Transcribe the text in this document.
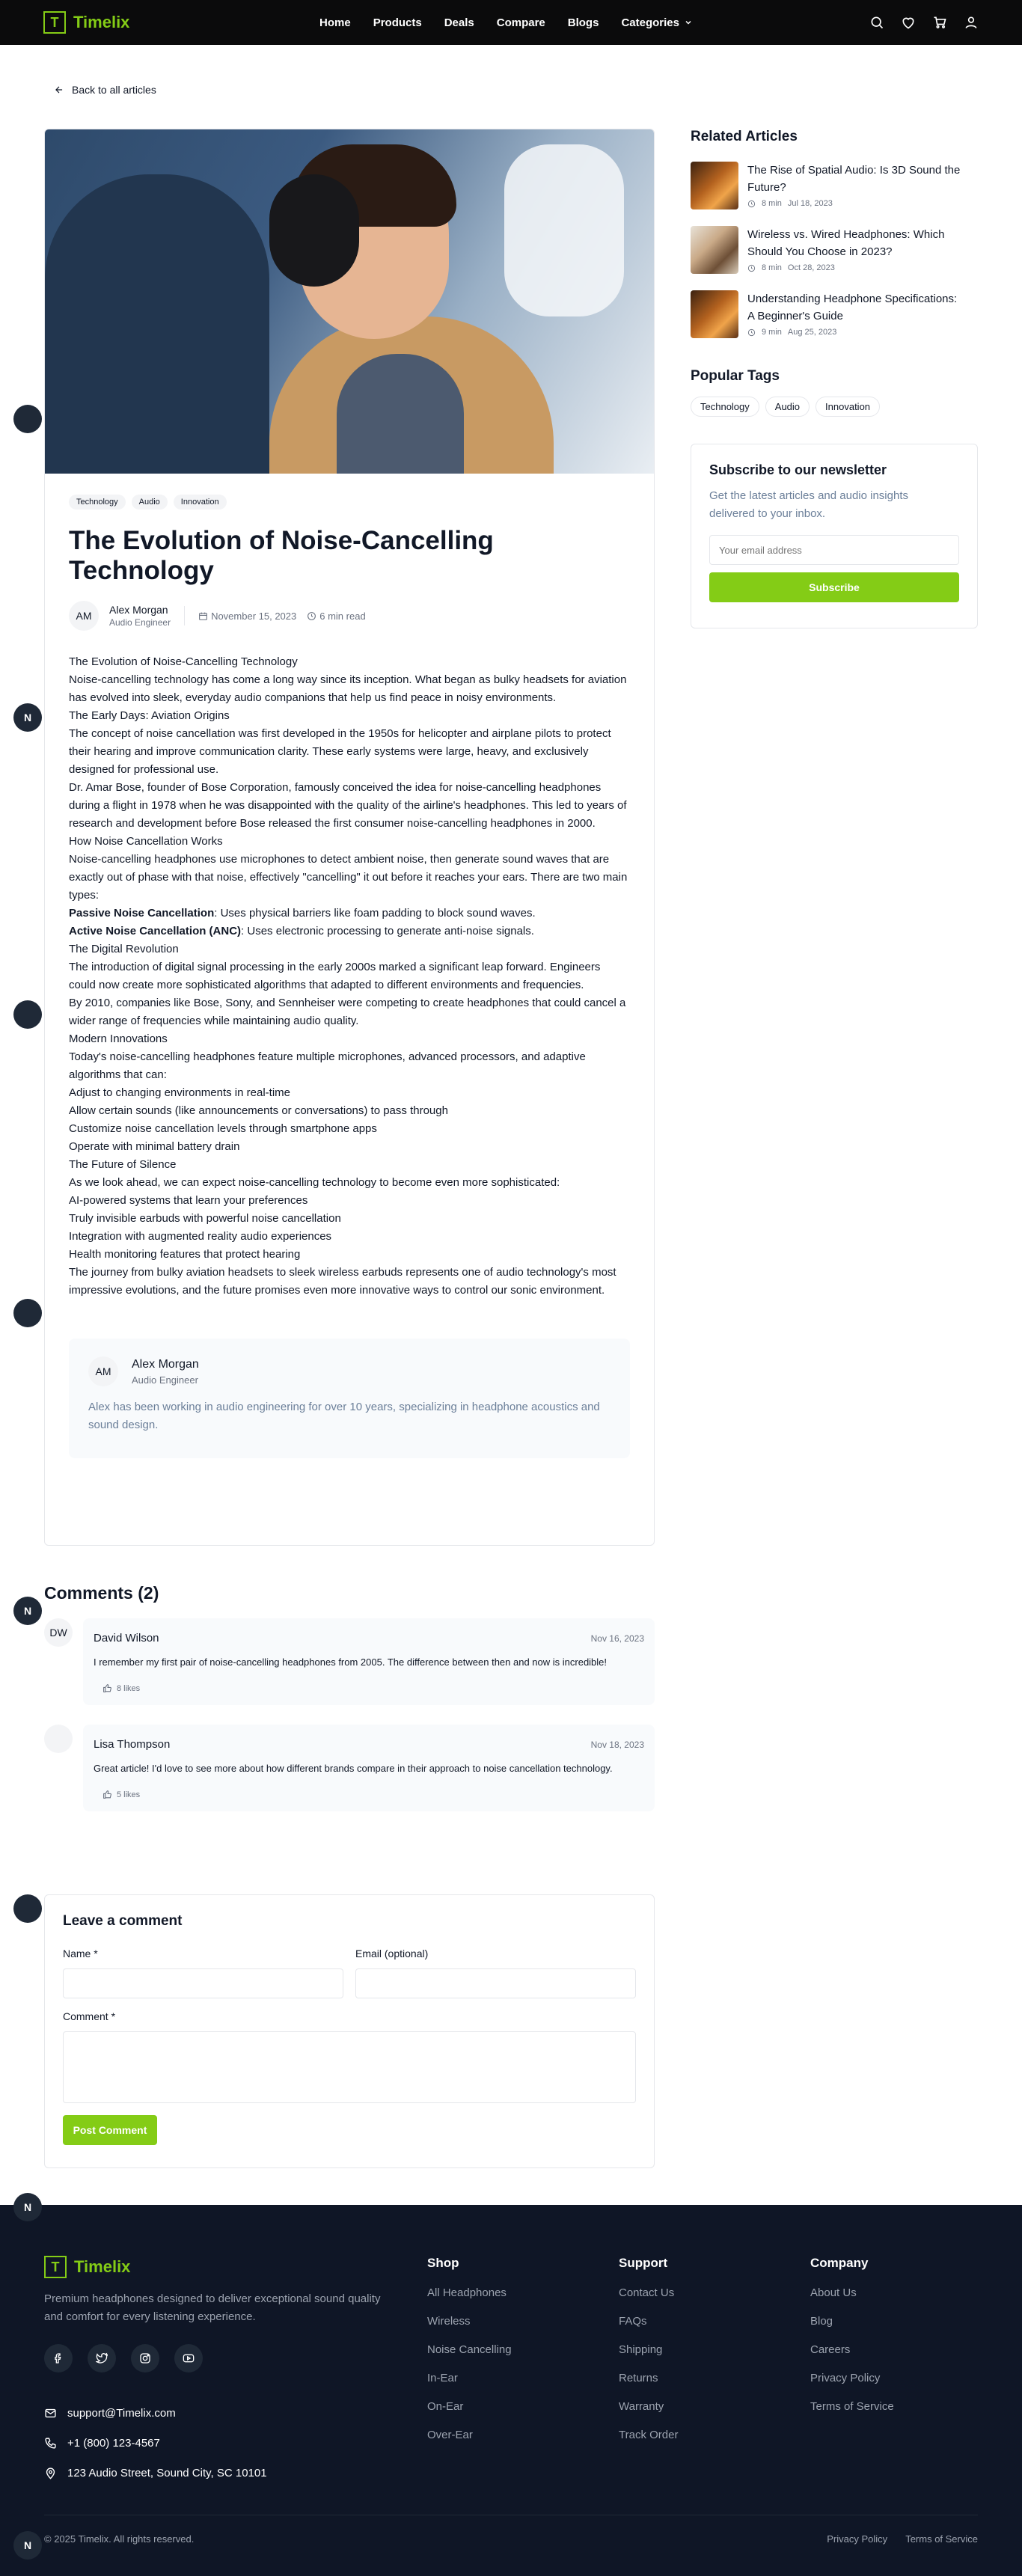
T Timelix	Home Products Deals Compare Blogs Categories
Back to all articles
Technology	Audio	Innovation
The Evolution of Noise-Cancelling Technology
AM	Alex Morgan
Audio Engineer
November 15, 2023 6 min read

The Evolution of Noise-Cancelling Technology

Noise-cancelling technology has come a long way since its inception. What began as bulky headsets for aviation has evolved into sleek, everyday audio companions that help us find peace in noisy environments.

The Early Days: Aviation Origins

The concept of noise cancellation was first developed in the 1950s for helicopter and airplane pilots to protect their hearing and improve communication clarity. These early systems were large, heavy, and exclusively designed for professional use.

Dr. Amar Bose, founder of Bose Corporation, famously conceived the idea for noise-cancelling headphones during a flight in 1978 when he was disappointed with the quality of the airline's headphones. This led to years of research and development before Bose released the first consumer noise-cancelling headphones in 2000.

How Noise Cancellation Works

Noise-cancelling headphones use microphones to detect ambient noise, then generate sound waves that are exactly out of phase with that noise, effectively "cancelling" it out before it reaches your ears. There are two main types:

Passive Noise Cancellation: Uses physical barriers like foam padding to block sound waves.

Active Noise Cancellation (ANC): Uses electronic processing to generate anti-noise signals.

The Digital Revolution

The introduction of digital signal processing in the early 2000s marked a significant leap forward. Engineers could now create more sophisticated algorithms that adapted to different environments and frequencies.

By 2010, companies like Bose, Sony, and Sennheiser were competing to create headphones that could cancel a wider range of frequencies while maintaining audio quality.

Modern Innovations

Today's noise-cancelling headphones feature multiple microphones, advanced processors, and adaptive algorithms that can:

Adjust to changing environments in real-time

Allow certain sounds (like announcements or conversations) to pass through

Customize noise cancellation levels through smartphone apps

Operate with minimal battery drain

The Future of Silence

As we look ahead, we can expect noise-cancelling technology to become even more sophisticated:

AI-powered systems that learn your preferences

Truly invisible earbuds with powerful noise cancellation

Integration with augmented reality audio experiences

Health monitoring features that protect hearing

The journey from bulky aviation headsets to sleek wireless earbuds represents one of audio technology's most impressive evolutions, and the future promises even more innovative ways to control our sonic environment.

AM
Alex Morgan
Audio Engineer
Alex has been working in audio engineering for over 10 years, specializing in headphone acoustics and sound design.
Related Articles
The Rise of Spatial Audio: Is 3D Sound the Future?
8 min Jul 18, 2023
Wireless vs. Wired Headphones: Which Should You Choose in 2023?
8 min Oct 28, 2023
Understanding Headphone Specifications: A Beginner's Guide
9 min Aug 25, 2023
Popular Tags
Technology	Audio	Innovation
Subscribe to our newsletter
Get the latest articles and audio insights delivered to your inbox.
Your email address Subscribe
Comments (2)
DW	David Wilson	Nov 16, 2023
I remember my first pair of noise-cancelling headphones from 2005. The difference between then and now is incredible!
8 likes
Lisa Thompson	Nov 18, 2023
Great article! I'd love to see more about how different brands compare in their approach to noise cancellation technology.
5 likes
Leave a comment
Name *	Email (optional)
Comment *
Post Comment
T Timelix
Premium headphones designed to deliver exceptional sound quality and comfort for every listening experience.
support@Timelix.com
+1 (800) 123-4567
123 Audio Street, Sound City, SC 10101
Shop
All Headphones
Wireless
Noise Cancelling
In-Ear
On-Ear
Over-Ear
Support
Contact Us
FAQs
Shipping
Returns
Warranty
Track Order
Company
About Us
Blog
Careers
Privacy Policy
Terms of Service
© 2025 Timelix. All rights reserved.	Privacy Policy Terms of Service
N
N
N
N
